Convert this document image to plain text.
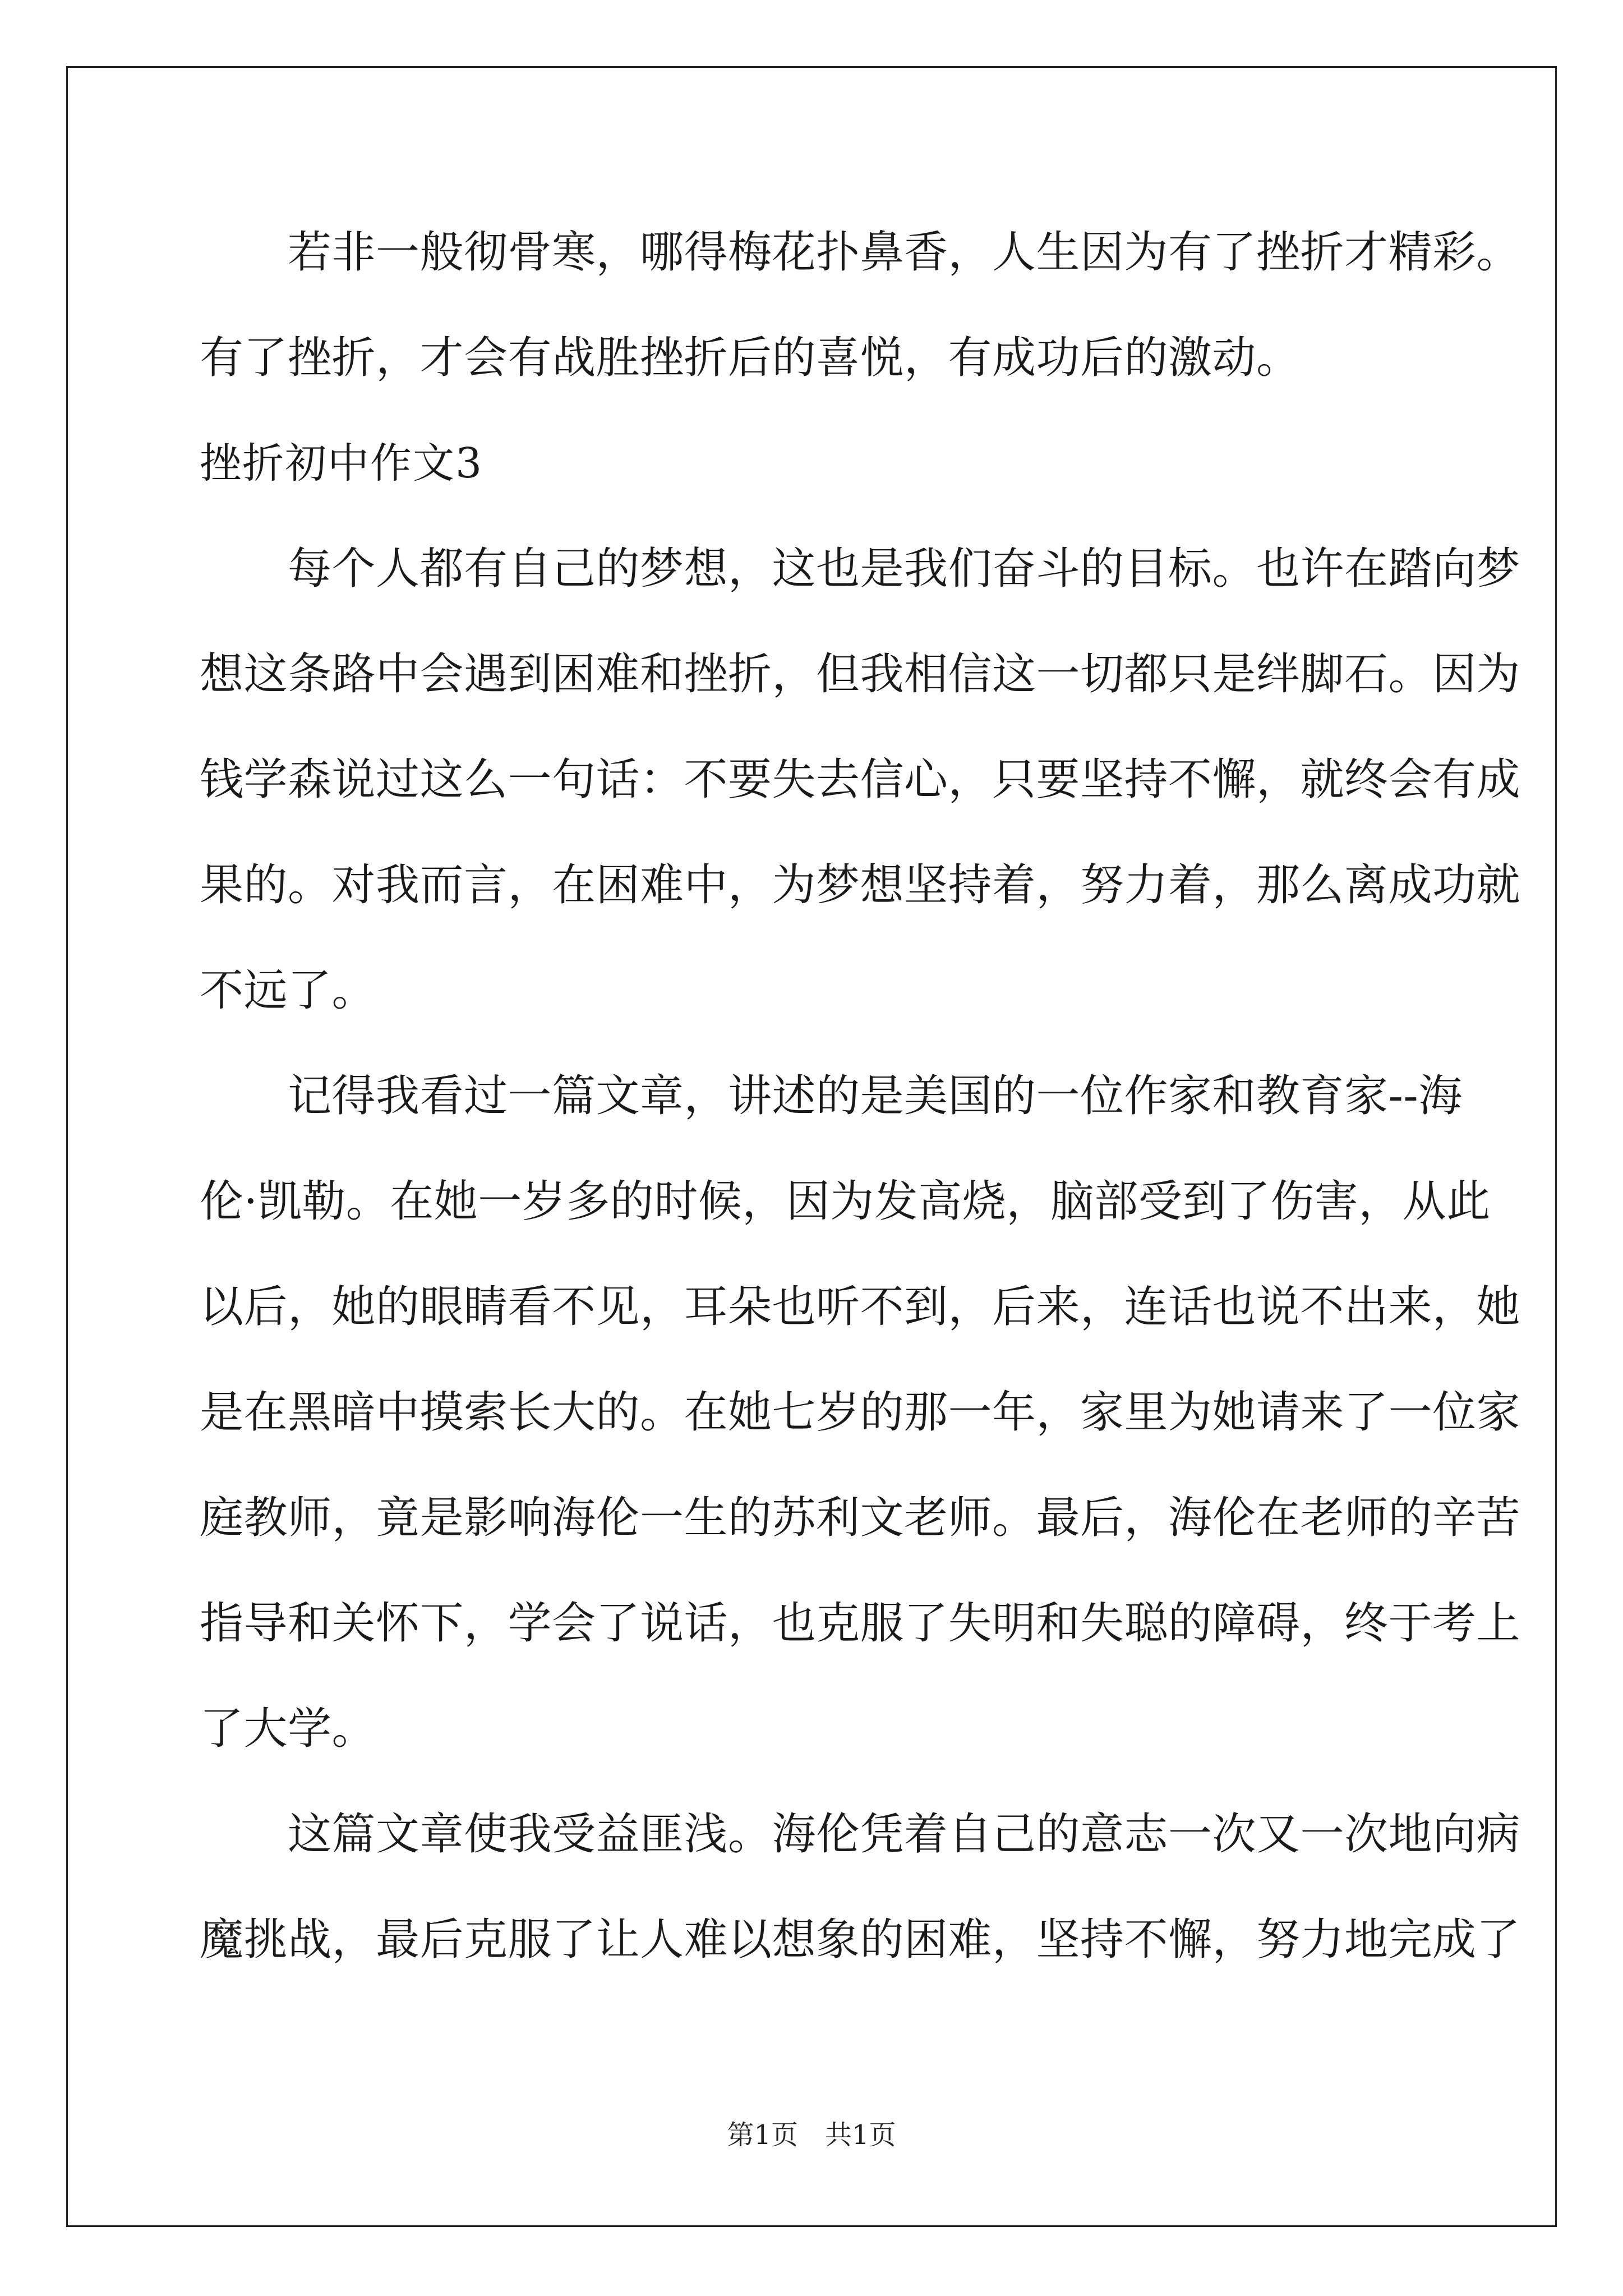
　　若非一般彻骨寒，哪得梅花扑鼻香，人生因为有了挫折才精彩。
有了挫折，才会有战胜挫折后的喜悦，有成功后的激动。
挫折初中作文3
　　每个人都有自己的梦想，这也是我们奋斗的目标。也许在踏向梦
想这条路中会遇到困难和挫折，但我相信这一切都只是绊脚石。因为
钱学森说过这么一句话：不要失去信心，只要坚持不懈，就终会有成
果的。对我而言，在困难中，为梦想坚持着，努力着，那么离成功就
不远了。
　　记得我看过一篇文章，讲述的是美国的一位作家和教育家--海
伦·凯勒。在她一岁多的时候，因为发高烧，脑部受到了伤害，从此
以后，她的眼睛看不见，耳朵也听不到，后来，连话也说不出来，她
是在黑暗中摸索长大的。在她七岁的那一年，家里为她请来了一位家
庭教师，竟是影响海伦一生的苏利文老师。最后，海伦在老师的辛苦
指导和关怀下，学会了说话，也克服了失明和失聪的障碍，终于考上
了大学。
　　这篇文章使我受益匪浅。海伦凭着自己的意志一次又一次地向病
魔挑战，最后克服了让人难以想象的困难，坚持不懈，努力地完成了
第1页　共1页
